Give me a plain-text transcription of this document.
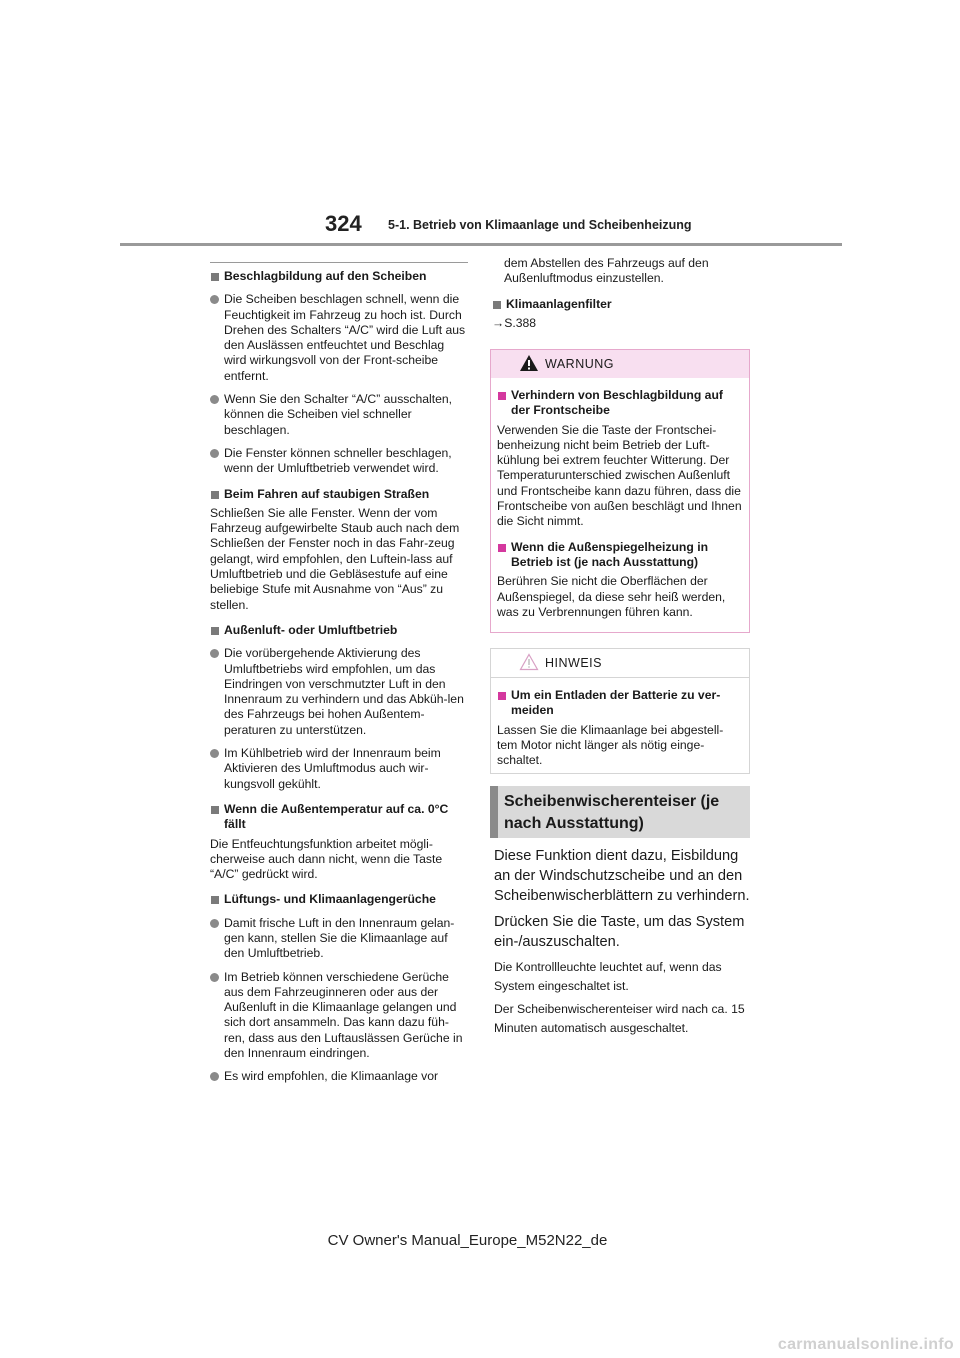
324 5-1. Betrieb von Klimaanlage und Scheibenheizung
Beschlagbildung auf den Scheiben

Die Scheiben beschlagen schnell, wenn die Feuchtigkeit im Fahrzeug zu hoch ist. Durch Drehen des Schalters “A/C” wird die Luft aus den Auslässen entfeuchtet und Beschlag wird wirkungsvoll von der Front-scheibe entfernt.

Wenn Sie den Schalter “A/C” ausschalten, können die Scheiben viel schneller beschlagen.

Die Fenster können schneller beschlagen, wenn der Umluftbetrieb verwendet wird.

Beim Fahren auf staubigen Straßen

Schließen Sie alle Fenster. Wenn der vom Fahrzeug aufgewirbelte Staub auch nach dem Schließen der Fenster noch in das Fahr-zeug gelangt, wird empfohlen, den Luftein-lass auf Umluftbetrieb und die Gebläsestufe auf eine beliebige Stufe mit Ausnahme von “Aus” zu stellen.

Außenluft- oder Umluftbetrieb

Die vorübergehende Aktivierung des Umluftbetriebs wird empfohlen, um das Eindringen von verschmutzter Luft in den Innenraum zu verhindern und das Abküh-len des Fahrzeugs bei hohen Außentem-peraturen zu unterstützen.

Im Kühlbetrieb wird der Innenraum beim Aktivieren des Umluftmodus auch wir-kungsvoll gekühlt.

Wenn die Außentemperatur auf ca. 0°C fällt

Die Entfeuchtungsfunktion arbeitet mögli-cherweise auch dann nicht, wenn die Taste “A/C” gedrückt wird.

Lüftungs- und Klimaanlagengerüche

Damit frische Luft in den Innenraum gelan-gen kann, stellen Sie die Klimaanlage auf den Umluftbetrieb.

Im Betrieb können verschiedene Gerüche aus dem Fahrzeuginneren oder aus der Außenluft in die Klimaanlage gelangen und sich dort ansammeln. Das kann dazu füh-ren, dass aus den Luftauslässen Gerüche in den Innenraum eindringen.

Es wird empfohlen, die Klimaanlage vor

dem Abstellen des Fahrzeugs auf den Außenluftmodus einzustellen.

Klimaanlagenfilter
→S.388
WARNUNG
Verhindern von Beschlagbildung auf der Frontscheibe

Verwenden Sie die Taste der Frontschei-benheizung nicht beim Betrieb der Luft-kühlung bei extrem feuchter Witterung. Der Temperaturunterschied zwischen Außenluft und Frontscheibe kann dazu führen, dass die Frontscheibe von außen beschlägt und Ihnen die Sicht nimmt.

Wenn die Außenspiegelheizung in Betrieb ist (je nach Ausstattung)

Berühren Sie nicht die Oberflächen der Außenspiegel, da diese sehr heiß werden, was zu Verbrennungen führen kann.

HINWEIS
Um ein Entladen der Batterie zu ver-meiden

Lassen Sie die Klimaanlage bei abgestell-tem Motor nicht länger als nötig einge-schaltet.

Scheibenwischerenteiser (je nach Ausstattung)

Diese Funktion dient dazu, Eisbildung an der Windschutzscheibe und an den Scheibenwischerblättern zu verhindern.

Drücken Sie die Taste, um das System ein-/auszuschalten.

Die Kontrollleuchte leuchtet auf, wenn das System eingeschaltet ist.

Der Scheibenwischerenteiser wird nach ca. 15 Minuten automatisch ausgeschaltet.

CV Owner's Manual_Europe_M52N22_de
carmanualsonline.info
